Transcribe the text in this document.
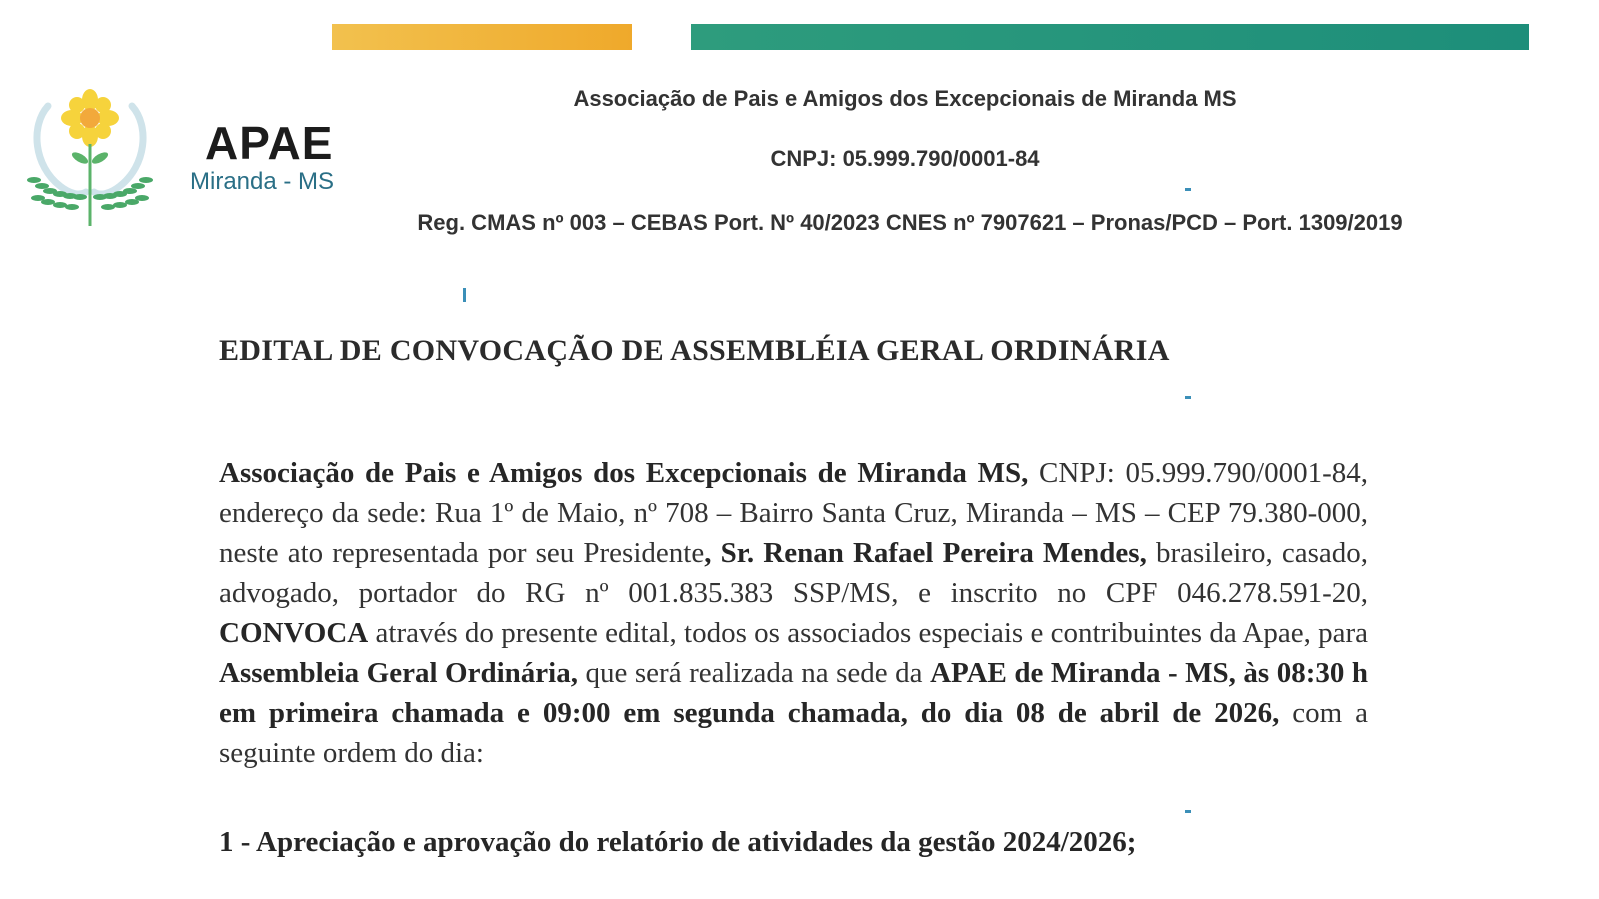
APAE
Miranda - MS
Associação de Pais e Amigos dos Excepcionais de Miranda MS
CNPJ: 05.999.790/0001-84
Reg. CMAS nº 003 – CEBAS Port. Nº 40/2023 CNES nº 7907621 – Pronas/PCD – Port. 1309/2019
EDITAL DE CONVOCAÇÃO DE ASSEMBLÉIA GERAL ORDINÁRIA
Associação de Pais e Amigos dos Excepcionais de Miranda MS, CNPJ: 05.999.790/0001-84, endereço da sede: Rua 1º de Maio, nº 708 – Bairro Santa Cruz, Miranda – MS – CEP 79.380-000, neste ato representada por seu Presidente, Sr. Renan Rafael Pereira Mendes, brasileiro, casado, advogado, portador do RG nº 001.835.383 SSP/MS, e inscrito no CPF 046.278.591-20, CONVOCA através do presente edital, todos os associados especiais e contribuintes da Apae, para Assembleia Geral Ordinária, que será realizada na sede da APAE de Miranda - MS, às 08:30 h em primeira chamada e 09:00 em segunda chamada, do dia 08 de abril de 2026, com a seguinte ordem do dia:
1 - Apreciação e aprovação do relatório de atividades da gestão 2024/2026;
